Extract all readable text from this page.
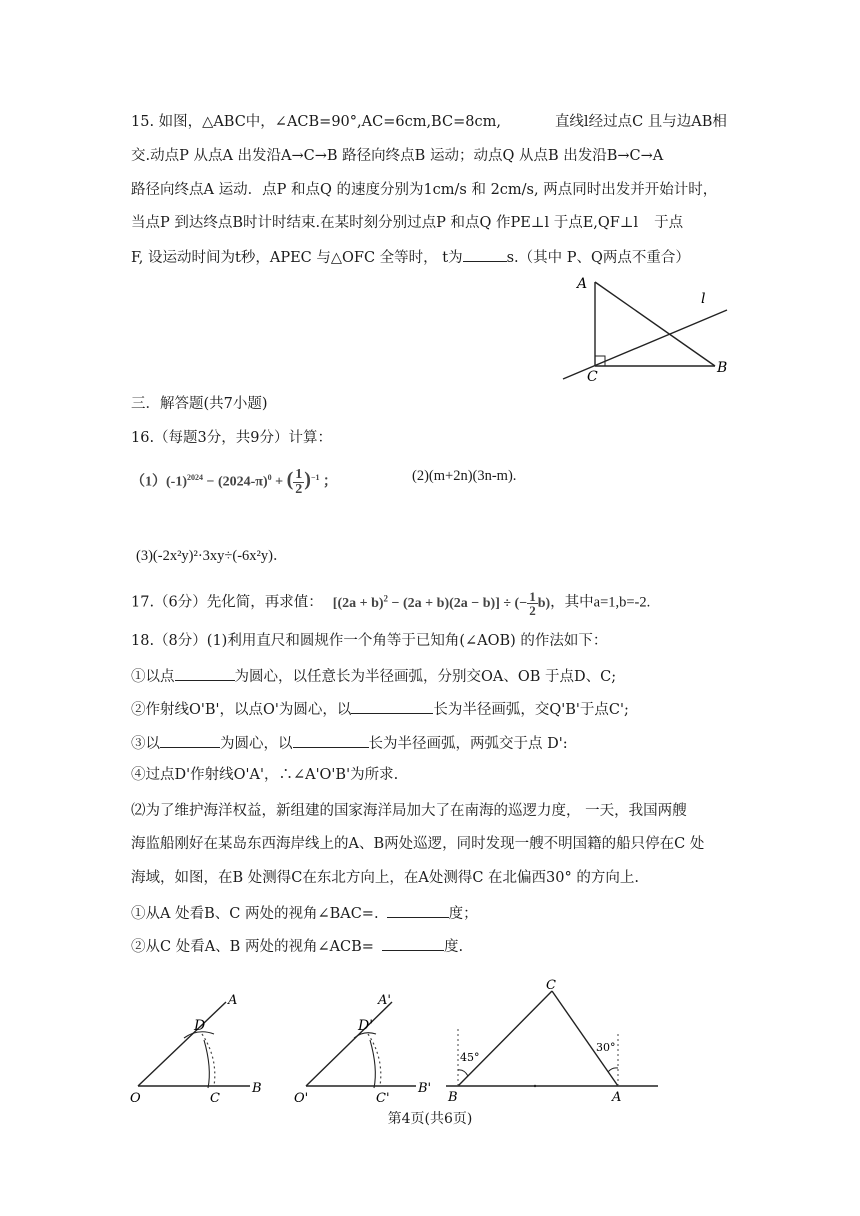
15. 如图，△ABC中，∠ACB=90°,AC=6cm,BC=8cm,	直线l经过点C 且与边AB相
交.动点P 从点A 出发沿A→C→B 路径向终点B 运动；动点Q 从点B 出发沿B→C→A
路径向终点A 运动．点P 和点Q 的速度分别为1cm/s 和 2cm/s, 两点同时出发并开始计时，
当点P 到达终点B时计时结束.在某时刻分别过点P 和点Q 作PE⊥l 于点E,QF⊥l 于点
F, 设运动时间为t秒，APEC 与△OFC 全等时， t为	s.（其中 P、Q两点不重合）
A
B
C
l
三．解答题(共7小题)
16.（每题3分，共9分）计算：
$(1)(-1)^{2024} - (2024-\pi)^0$ + ( $\frac{1}{2} )^{-1}$ ；	(2)(m+2n)(3n-m).
(3)(-2x²y)²·3xy÷(-6x²y)．
17.（6分）先化简，再求值： $[(2a + b)^2 - (2a + b)(2a - b)]$ ÷ (− $\frac{1}{2} b$)，其中a=1,b=-2.
18.（8分）(1)利用直尺和圆规作一个角等于已知角(∠AOB) 的作法如下：
①以点	为圆心，以任意长为半径画弧，分别交OA、OB 于点D、C;
②作射线O'B'，以点O'为圆心，以	长为半径画弧，交Q'B'于点C';
③以	为圆心，以	长为半径画弧，两弧交于点 D':
④过点D'作射线O'A'，∴∠A'O'B'为所求.
⑵为了维护海洋权益，新组建的国家海洋局加大了在南海的巡逻力度， 一天，我国两艘
海监船刚好在某岛东西海岸线上的A、B两处巡逻，同时发现一艘不明国籍的船只停在C 处
海域，如图，在B 处测得C在东北方向上，在A处测得C 在北偏西30° 的方向上.
①从A 处看B、C 两处的视角∠BAC=.	度；
②从C 处看A、B 两处的视角∠ACB=	度.
A
D
O	C
B
A'
D'
O'	C'
B'
C
B	A
45°
30°
第4页(共6页)
